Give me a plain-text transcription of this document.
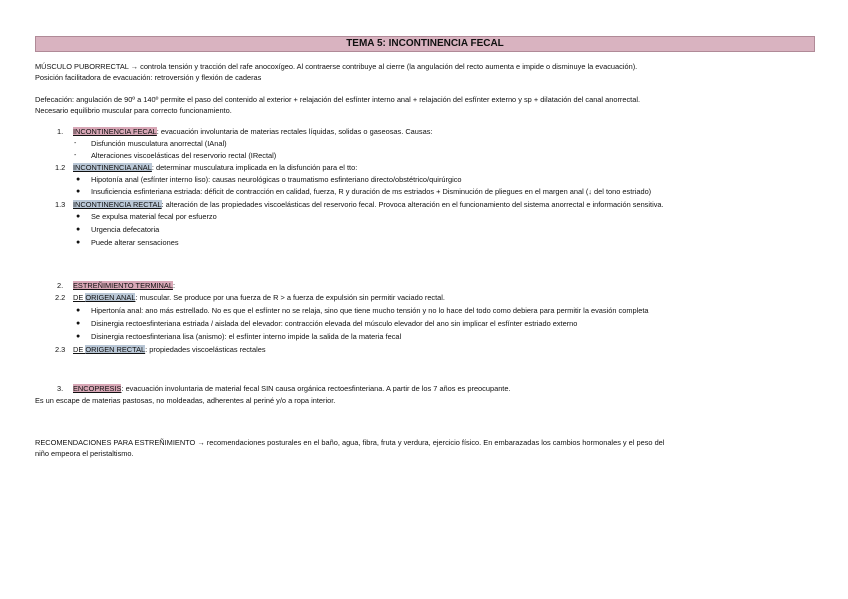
TEMA 5: INCONTINENCIA FECAL
MÚSCULO PUBORRECTAL → controla tensión y tracción del rafe anocoxígeo. Al contraerse contribuye al cierre (la angulación del recto aumenta e impide o disminuye la evacuación).
Posición facilitadora de evacuación: retroversión y flexión de caderas
Defecación: angulación de 90º a 140º permite el paso del contenido al exterior + relajación del esfínter interno anal + relajación del esfínter externo y sp + dilatación del canal anorrectal.
Necesario equilibrio muscular para correcto funcionamiento.
1. INCONTINENCIA FECAL: evacuación involuntaria de materias rectales líquidas, solidas o gaseosas. Causas:
- Disfunción musculatura anorrectal (IAnal)
- Alteraciones viscoelásticas del reservorio rectal (IRectal)
1.2 INCONTINENCIA ANAL: determinar musculatura implicada en la disfunción para el tto:
● Hipotonía anal (esfínter interno liso): causas neurológicas o traumatismo esfinteriano directo/obstétrico/quirúrgico
● Insuficiencia esfinteriana estriada: déficit de contracción en calidad, fuerza, R y duración de ms estriados + Disminución de pliegues en el margen anal (↓ del tono estriado)
1.3 INCONTINENCIA RECTAL: alteración de las propiedades viscoelásticas del reservorio fecal. Provoca alteración en el funcionamiento del sistema anorrectal e información sensitiva.
● Se expulsa material fecal por esfuerzo
● Urgencia defecatoria
● Puede alterar sensaciones
2. ESTREÑIMIENTO TERMINAL:
2.2 DE ORIGEN ANAL: muscular. Se produce por una fuerza de R > a fuerza de expulsión sin permitir vaciado rectal.
● Hipertonía anal: ano más estrellado. No es que el esfínter no se relaja, sino que tiene mucho tensión y no lo hace del todo como debiera para permitir la evasión completa
● Disinergia rectoesfinteriana estriada / aislada del elevador: contracción elevada del músculo elevador del ano sin implicar el esfínter estriado externo
● Disinergia rectoesfinteriana lisa (anismo): el esfínter interno impide la salida de la materia fecal
2.3 DE ORIGEN RECTAL: propiedades viscoelásticas rectales
3. ENCOPRESIS: evacuación involuntaria de material fecal SIN causa orgánica rectoesfinteriana. A partir de los 7 años es preocupante.
Es un escape de materias pastosas, no moldeadas, adherentes al periné y/o a ropa interior.
RECOMENDACIONES PARA ESTREÑIMIENTO → recomendaciones posturales en el baño, agua, fibra, fruta y verdura, ejercicio físico. En embarazadas los cambios hormonales y el peso del
niño empeora el peristaltismo.
